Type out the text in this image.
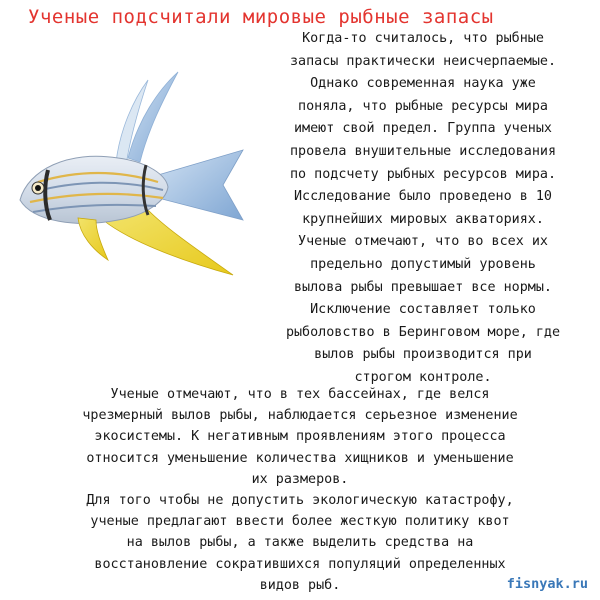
Ученые подсчитали мировые рыбные запасы
Когда-то считалось, что рыбные
запасы практически неисчерпаемые.
Однако современная наука уже
поняла, что рыбные ресурсы мира
имеют свой предел. Группа ученых
провела внушительные исследования
по подсчету рыбных ресурсов мира.
Исследование было проведено в 10
крупнейших мировых акваториях.
Ученые отмечают, что во всех их
предельно допустимый уровень
вылова рыбы превышает все нормы.
Исключение составляет только
рыболовство в Беринговом море, где
вылов рыбы производится при
строгом контроле.
Ученые отмечают, что в тех бассейнах, где велся
чрезмерный вылов рыбы, наблюдается серьезное изменение
экосистемы. К негативным проявлениям этого процесса
относится уменьшение количества хищников и уменьшение
их размеров.
Для того чтобы не допустить экологическую катастрофу,
ученые предлагают ввести более жесткую политику квот
на вылов рыбы, а также выделить средства на
восстановление сократившихся популяций определенных
видов рыб.	fisnyak.ru
